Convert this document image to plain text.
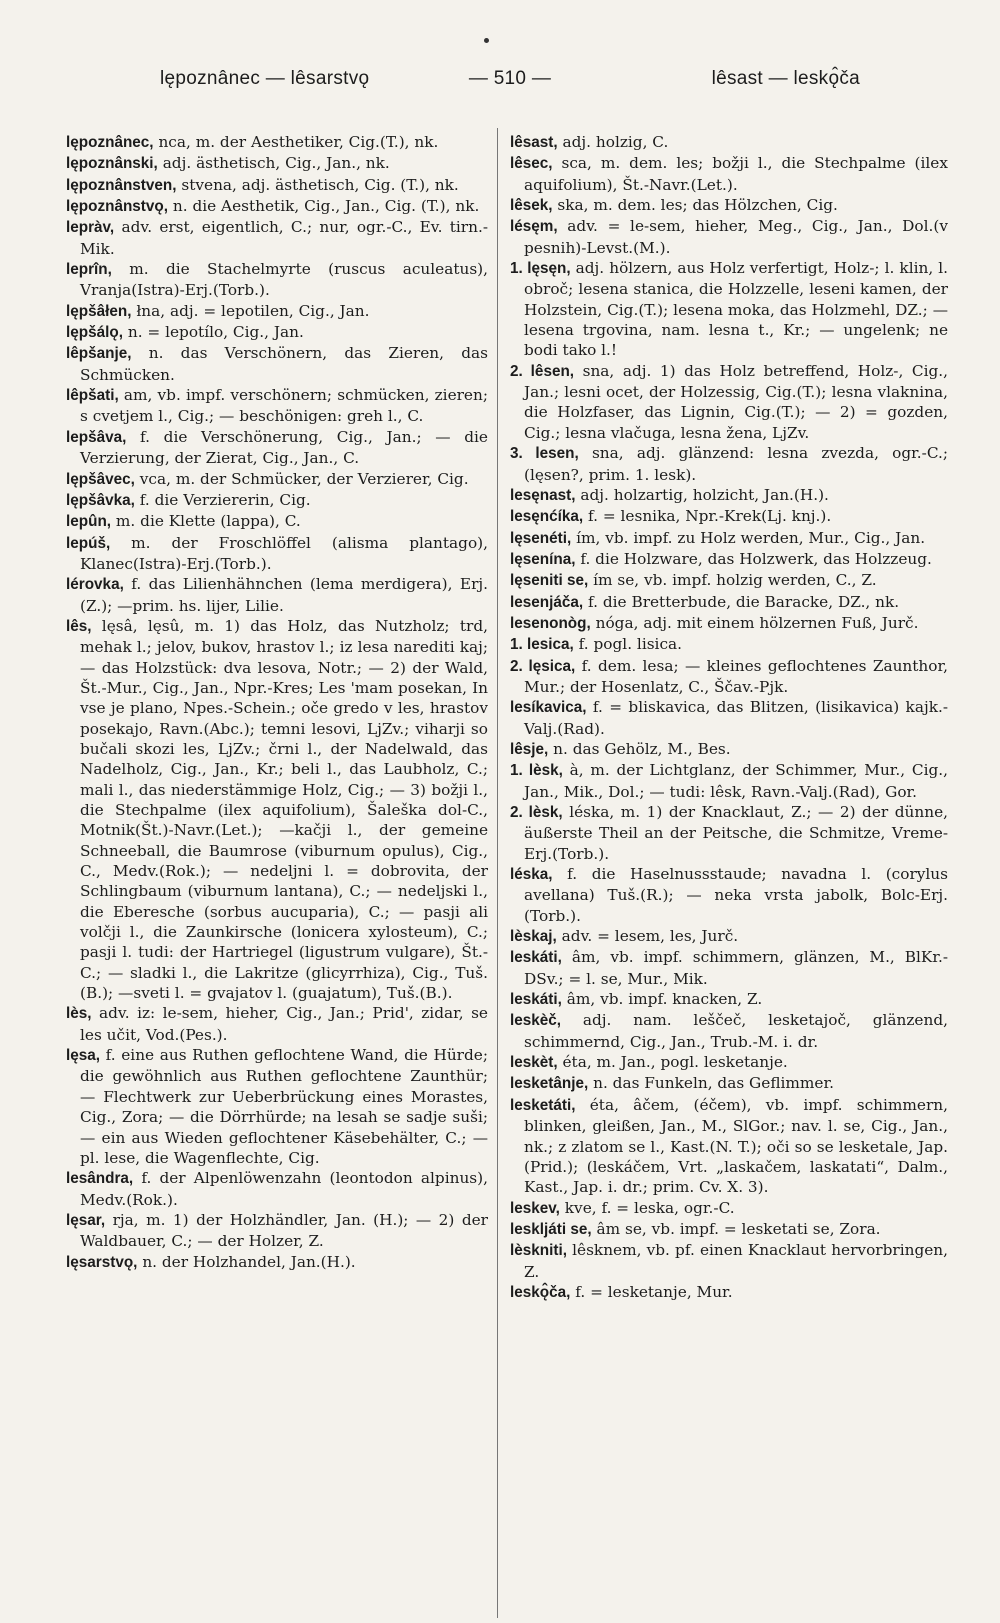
lępoznânec — lêsarstvǫ	— 510 —	lêsast — leskǫ̂ča

lępoznânec, nca, m. der Aesthetiker, Cig.(T.), nk.

lępoznânski, adj. ästhetisch, Cig., Jan., nk.

lępoznânstven, stvena, adj. ästhetisch, Cig. (T.), nk.

lępoznânstvǫ, n. die Aesthetik, Cig., Jan., Cig. (T.), nk.

lepràv, adv. erst, eigentlich, C.; nur, ogr.-C., Ev. tirn.-Mik.

leprîn, m. die Stachelmyrte (ruscus aculeatus), Vranja(Istra)-Erj.(Torb.).

lępšâłen, łna, adj. = lepotilen, Cig., Jan.

lępšálǫ, n. = lepotílo, Cig., Jan.

lêpšanje, n. das Verschönern, das Zieren, das Schmücken.

lêpšati, am, vb. impf. verschönern; schmücken, zieren; s cvetjem l., Cig.; — beschönigen: greh l., C.

lepšâva, f. die Verschönerung, Cig., Jan.; — die Verzierung, der Zierat, Cig., Jan., C.

lępšâvec, vca, m. der Schmücker, der Verzierer, Cig.

lępšâvka, f. die Verziererin, Cig.

lepûn, m. die Klette (lappa), C.

lepúš, m. der Froschlöffel (alisma plantago), Klanec(Istra)-Erj.(Torb.).

lérovka, f. das Lilienhähnchen (lema merdigera), Erj.(Z.); —prim. hs. lijer, Lilie.

lês, lęsâ, lęsû, m. 1) das Holz, das Nutzholz; trd, mehak l.; jelov, bukov, hrastov l.; iz lesa narediti kaj; — das Holzstück: dva lesova, Notr.; — 2) der Wald, Št.-Mur., Cig., Jan., Npr.-Kres; Les 'mam posekan, In vse je plano, Npes.-Schein.; oče gredo v les, hrastov posekajo, Ravn.(Abc.); temni lesovi, LjZv.; viharji so bučali skozi les, LjZv.; črni l., der Nadelwald, das Nadelholz, Cig., Jan., Kr.; beli l., das Laubholz, C.; mali l., das niederstämmige Holz, Cig.; — 3) božji l., die Stechpalme (ilex aquifolium), Šaleška dol-C., Motnik(Št.)-Navr.(Let.); —kačji l., der gemeine Schneeball, die Baumrose (viburnum opulus), Cig., C., Medv.(Rok.); — nedeljni l. = dobrovita, der Schlingbaum (viburnum lantana), C.; — nedeljski l., die Eberesche (sorbus aucuparia), C.; — pasji ali volčji l., die Zaunkirsche (lonicera xylosteum), C.; pasji l. tudi: der Hartriegel (ligustrum vulgare), Št.-C.; — sladki l., die Lakritze (glicyrrhiza), Cig., Tuš.(B.); —sveti l. = gvajatov l. (guajatum), Tuš.(B.).

lès, adv. iz: le-sem, hieher, Cig., Jan.; Prid', zidar, se les učit, Vod.(Pes.).

lęsa, f. eine aus Ruthen geflochtene Wand, die Hürde; die gewöhnlich aus Ruthen geflochtene Zaunthür; — Flechtwerk zur Ueberbrückung eines Morastes, Cig., Zora; — die Dörrhürde; na lesah se sadje suši; — ein aus Wieden geflochtener Käsebehälter, C.; — pl. lese, die Wagenflechte, Cig.

lesândra, f. der Alpenlöwenzahn (leontodon alpinus), Medv.(Rok.).

lęsar, rja, m. 1) der Holzhändler, Jan. (H.); — 2) der Waldbauer, C.; — der Holzer, Z.

lęsarstvǫ, n. der Holzhandel, Jan.(H.).

lêsast, adj. holzig, C.

lêsec, sca, m. dem. les; božji l., die Stechpalme (ilex aquifolium), Št.-Navr.(Let.).

lêsek, ska, m. dem. les; das Hölzchen, Cig.

lésęm, adv. = le-sem, hieher, Meg., Cig., Jan., Dol.(v pesnih)-Levst.(M.).

1. lęsęn, adj. hölzern, aus Holz verfertigt, Holz-; l. klin, l. obroč; lesena stanica, die Holzzelle, leseni kamen, der Holzstein, Cig.(T.); lesena moka, das Holzmehl, DZ.; — lesena trgovina, nam. lesna t., Kr.; — ungelenk; ne bodi tako l.!

2. lêsen, sna, adj. 1) das Holz betreffend, Holz-, Cig., Jan.; lesni ocet, der Holzessig, Cig.(T.); lesna vlaknina, die Holzfaser, das Lignin, Cig.(T.); — 2) = gozden, Cig.; lesna vlačuga, lesna žena, LjZv.

3. lesen, sna, adj. glänzend: lesna zvezda, ogr.-C.; (lęsen?, prim. 1. lesk).

lesęnast, adj. holzartig, holzicht, Jan.(H.).

lesęnćíka, f. = lesnika, Npr.-Krek(Lj. knj.).

lęsenéti, ím, vb. impf. zu Holz werden, Mur., Cig., Jan.

lęsenína, f. die Holzware, das Holzwerk, das Holzzeug.

lęseniti se, ím se, vb. impf. holzig werden, C., Z.

lesenjáča, f. die Bretterbude, die Baracke, DZ., nk.

lesenonòg, nóga, adj. mit einem hölzernen Fuß, Jurč.

1. lesica, f. pogl. lisica.

2. lęsica, f. dem. lesa; — kleines geflochtenes Zaunthor, Mur.; der Hosenlatz, C., Ščav.-Pjk.

lesíkavica, f. = bliskavica, das Blitzen, (lisikavica) kajk.-Valj.(Rad).

lêsje, n. das Gehölz, M., Bes.

1. lèsk, à, m. der Lichtglanz, der Schimmer, Mur., Cig., Jan., Mik., Dol.; — tudi: lêsk, Ravn.-Valj.(Rad), Gor.

2. lèsk, léska, m. 1) der Knacklaut, Z.; — 2) der dünne, äußerste Theil an der Peitsche, die Schmitze, Vreme-Erj.(Torb.).

léska, f. die Haselnussstaude; navadna l. (corylus avellana) Tuš.(R.); — neka vrsta jabolk, Bolc-Erj.(Torb.).

lèskaj, adv. = lesem, les, Jurč.

leskáti, âm, vb. impf. schimmern, glänzen, M., BlKr.-DSv.; = l. se, Mur., Mik.

leskáti, âm, vb. impf. knacken, Z.

leskèč, adj. nam. leščeč, lesketajoč, glänzend, schimmernd, Cig., Jan., Trub.-M. i. dr.

leskèt, éta, m. Jan., pogl. lesketanje.

lesketânje, n. das Funkeln, das Geflimmer.

lesketáti, éta, âčem, (éčem), vb. impf. schimmern, blinken, gleißen, Jan., M., SlGor.; nav. l. se, Cig., Jan., nk.; z zlatom se l., Kast.(N. T.); oči so se lesketale, Jap.(Prid.); (leskáčem, Vrt. „laskačem, laskatati“, Dalm., Kast., Jap. i. dr.; prim. Cv. X. 3).

leskev, kve, f. = leska, ogr.-C.

leskljáti se, âm se, vb. impf. = lesketati se, Zora.

lèskniti, lêsknem, vb. pf. einen Knacklaut hervorbringen, Z.

leskǫ̂ča, f. = lesketanje, Mur.
